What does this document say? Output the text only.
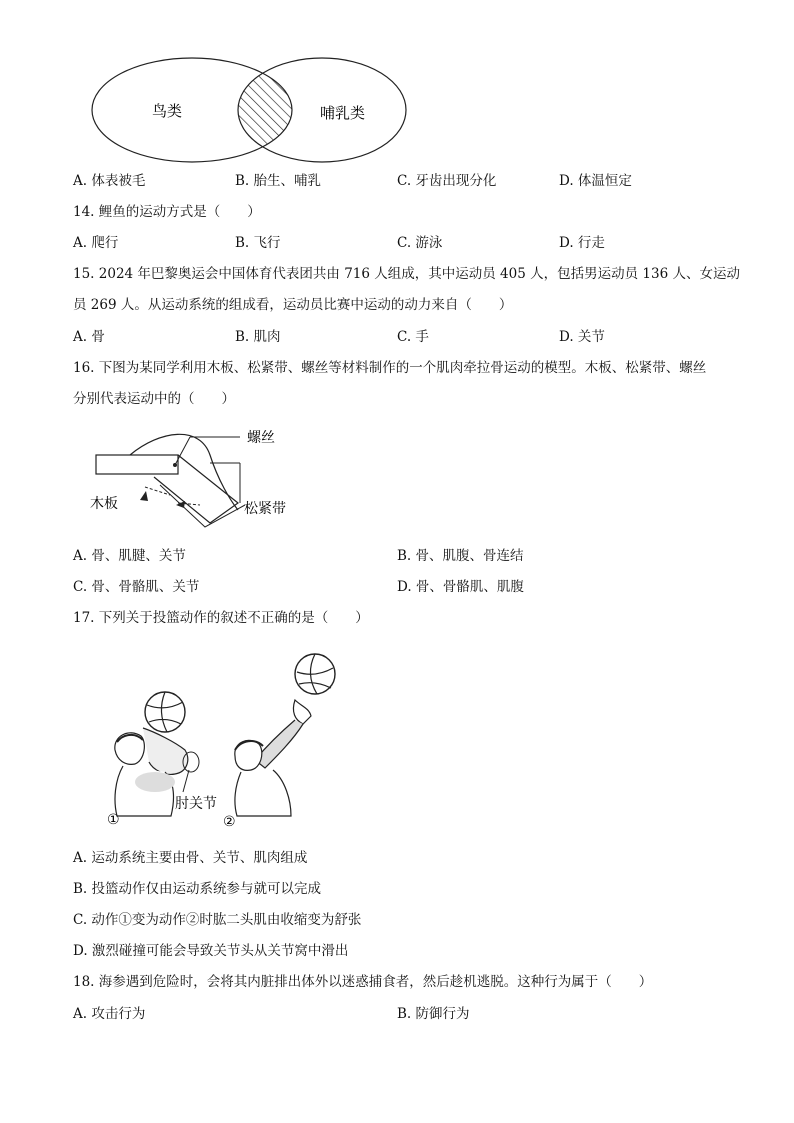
鸟类	哺乳类
A. 体表被毛	B. 胎生、哺乳	C. 牙齿出现分化	D. 体温恒定
14. 鲤鱼的运动方式是（　　）
A. 爬行	B. 飞行	C. 游泳	D. 行走
15. 2024 年巴黎奥运会中国体育代表团共由 716 人组成，其中运动员 405 人，包括男运动员 136 人、女运动
员 269 人。从运动系统的组成看，运动员比赛中运动的动力来自（　　）
A. 骨	B. 肌肉	C. 手	D. 关节
16. 下图为某同学利用木板、松紧带、螺丝等材料制作的一个肌肉牵拉骨运动的模型。木板、松紧带、螺丝
分别代表运动中的（　　）
螺丝
木板	松紧带
A. 骨、肌腱、关节	B. 骨、肌腹、骨连结
C. 骨、骨骼肌、关节	D. 骨、骨骼肌、肌腹
17. 下列关于投篮动作的叙述不正确的是（　　）
肘关节
①	②
A. 运动系统主要由骨、关节、肌肉组成
B. 投篮动作仅由运动系统参与就可以完成
C. 动作①变为动作②时肱二头肌由收缩变为舒张
D. 激烈碰撞可能会导致关节头从关节窝中滑出
18. 海参遇到危险时，会将其内脏排出体外以迷惑捕食者，然后趁机逃脱。这种行为属于（　　）
A. 攻击行为	B. 防御行为
